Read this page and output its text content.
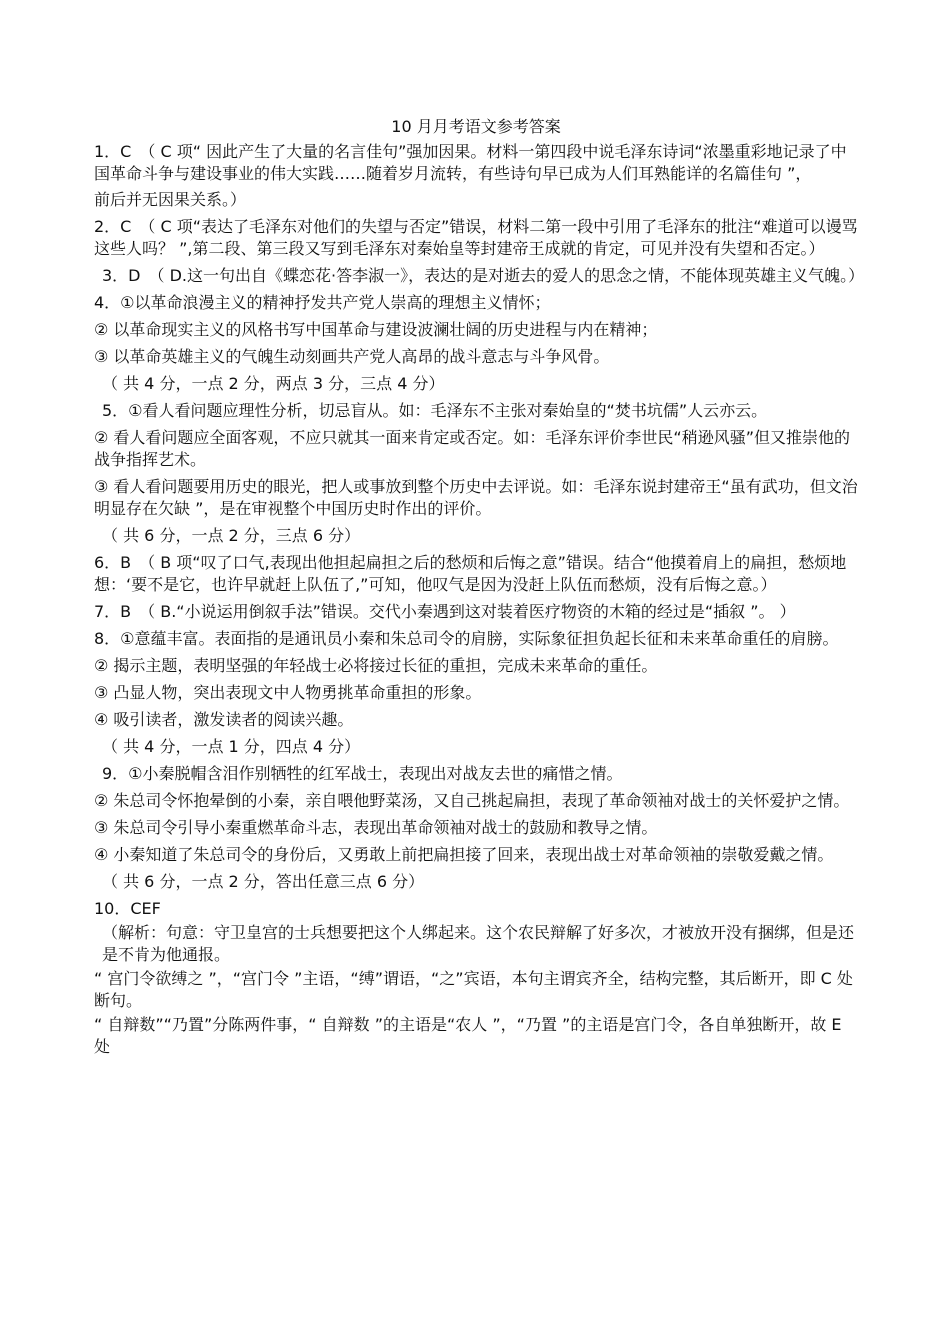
10 月月考语文参考答案
1．C　（ C 项“ 因此产生了大量的名言佳句”强加因果。材料一第四段中说毛泽东诗词“浓墨重彩地记录了中国革命斗争与建设事业的伟大实践……随着岁月流转，有些诗句早已成为人们耳熟能详的名篇佳句 ”，
前后并无因果关系。）
2．C　（ C 项“表达了毛泽东对他们的失望与否定”错误，材料二第一段中引用了毛泽东的批注“难道可以谩骂这些人吗？ ”,第二段、第三段又写到毛泽东对秦始皇等封建帝王成就的肯定，可见并没有失望和否定。）
3．D　（ D.这一句出自《蝶恋花·答李淑一》，表达的是对逝去的爱人的思念之情，不能体现英雄主义气魄。）
4．①以革命浪漫主义的精神抒发共产党人崇高的理想主义情怀；
② 以革命现实主义的风格书写中国革命与建设波澜壮阔的历史进程与内在精神；
③ 以革命英雄主义的气魄生动刻画共产党人高昂的战斗意志与斗争风骨。
（ 共 4 分，一点 2 分，两点 3 分，三点 4 分）
5．①看人看问题应理性分析，切忌盲从。如：毛泽东不主张对秦始皇的“焚书坑儒”人云亦云。
② 看人看问题应全面客观，不应只就其一面来肯定或否定。如：毛泽东评价李世民“稍逊风骚”但又推崇他的战争指挥艺术。
③ 看人看问题要用历史的眼光，把人或事放到整个历史中去评说。如：毛泽东说封建帝王“虽有武功，但文治明显存在欠缺 ”，是在审视整个中国历史时作出的评价。
（ 共 6 分，一点 2 分，三点 6 分）
6．B　（ B 项“叹了口气,表现出他担起扁担之后的愁烦和后悔之意”错误。结合“他摸着肩上的扁担，愁烦地想：‘要不是它，也许早就赶上队伍了,”可知，他叹气是因为没赶上队伍而愁烦，没有后悔之意。）
7．B　（ B.“小说运用倒叙手法”错误。交代小秦遇到这对装着医疗物资的木箱的经过是“插叙 ”。 ）
8．①意蕴丰富。表面指的是通讯员小秦和朱总司令的肩膀，实际象征担负起长征和未来革命重任的肩膀。
② 揭示主题，表明坚强的年轻战士必将接过长征的重担，完成未来革命的重任。
③ 凸显人物，突出表现文中人物勇挑革命重担的形象。
④ 吸引读者，激发读者的阅读兴趣。
（ 共 4 分，一点 1 分，四点 4 分）
9．①小秦脱帽含泪作别牺牲的红军战士，表现出对战友去世的痛惜之情。
② 朱总司令怀抱晕倒的小秦，亲自喂他野菜汤，又自己挑起扁担，表现了革命领袖对战士的关怀爱护之情。
③ 朱总司令引导小秦重燃革命斗志，表现出革命领袖对战士的鼓励和教导之情。
④ 小秦知道了朱总司令的身份后，又勇敢上前把扁担接了回来，表现出战士对革命领袖的崇敬爱戴之情。
（ 共 6 分，一点 2 分，答出任意三点 6 分）
10．CEF
（解析：句意：守卫皇宫的士兵想要把这个人绑起来。这个农民辩解了好多次，才被放开没有捆绑，但是还是不肯为他通报。
“ 宫门令欲缚之 ”，“宫门令 ”主语，“缚”谓语，“之”宾语，本句主谓宾齐全，结构完整，其后断开，即 C 处断句。
“ 自辩数”“乃置”分陈两件事，“ 自辩数 ”的主语是“农人 ”，“乃置 ”的主语是宫门令，各自单独断开，故 E 处
